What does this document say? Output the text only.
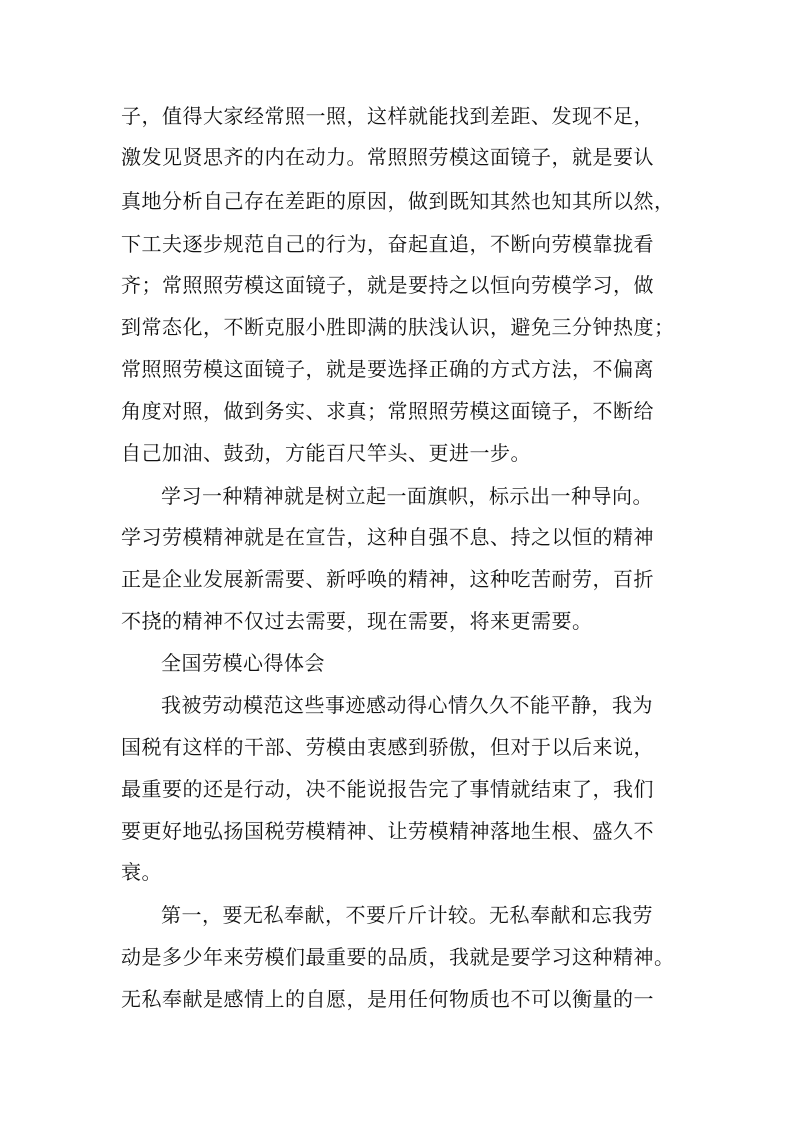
子，值得大家经常照一照，这样就能找到差距、发现不足，
激发见贤思齐的内在动力。常照照劳模这面镜子，就是要认
真地分析自己存在差距的原因，做到既知其然也知其所以然，
下工夫逐步规范自己的行为，奋起直追，不断向劳模靠拢看
齐；常照照劳模这面镜子，就是要持之以恒向劳模学习，做
到常态化，不断克服小胜即满的肤浅认识，避免三分钟热度；
常照照劳模这面镜子，就是要选择正确的方式方法，不偏离
角度对照，做到务实、求真；常照照劳模这面镜子，不断给
自己加油、鼓劲，方能百尺竿头、更进一步。
学习一种精神就是树立起一面旗帜，标示出一种导向。
学习劳模精神就是在宣告，这种自强不息、持之以恒的精神
正是企业发展新需要、新呼唤的精神，这种吃苦耐劳，百折
不挠的精神不仅过去需要，现在需要，将来更需要。
全国劳模心得体会
我被劳动模范这些事迹感动得心情久久不能平静，我为
国税有这样的干部、劳模由衷感到骄傲，但对于以后来说，
最重要的还是行动，决不能说报告完了事情就结束了，我们
要更好地弘扬国税劳模精神、让劳模精神落地生根、盛久不
衰。
第一，要无私奉献，不要斤斤计较。无私奉献和忘我劳
动是多少年来劳模们最重要的品质，我就是要学习这种精神。
无私奉献是感情上的自愿，是用任何物质也不可以衡量的一
